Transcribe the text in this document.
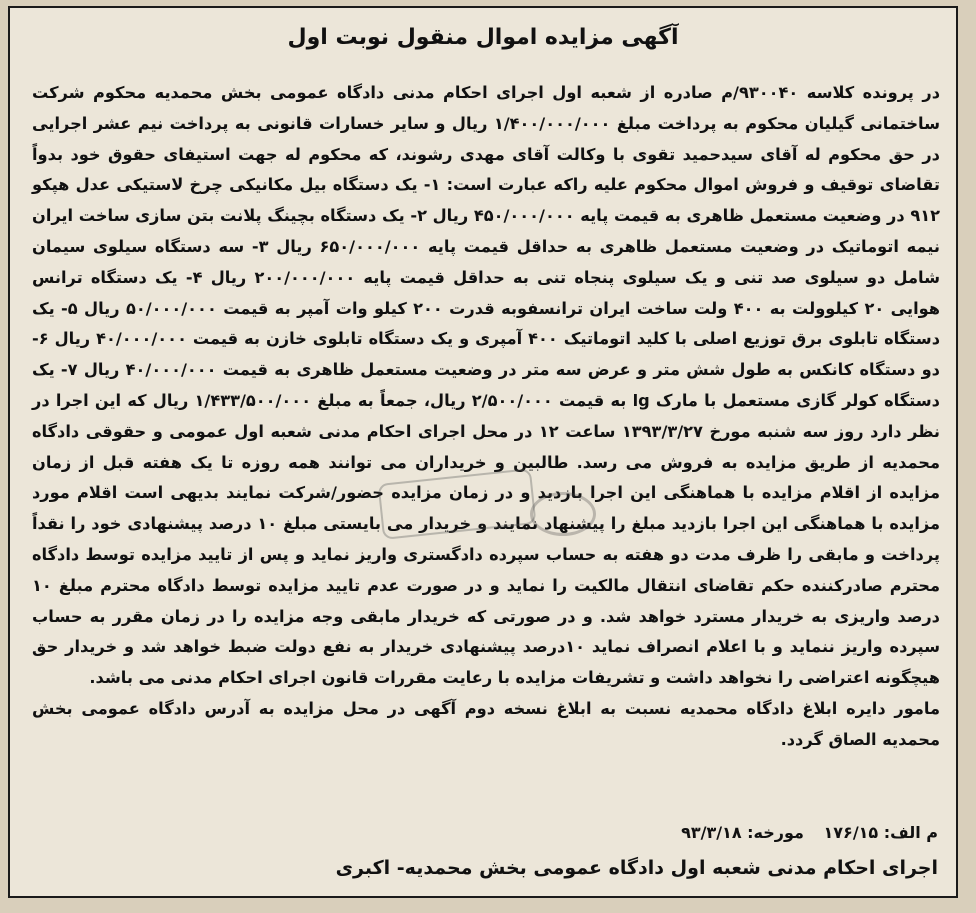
آگهی مزایده اموال منقول نوبت اول

در پرونده کلاسه ۹۳۰۰۴۰/م صادره از شعبه اول اجرای احکام مدنی دادگاه عمومی بخش محمدیه محکوم شرکت ساختمانی گیلیان محکوم به پرداخت مبلغ ۱/۴۰۰/۰۰۰/۰۰۰ ریال و سایر خسارات قانونی به پرداخت نیم عشر اجرایی در حق محکوم له آقای سیدحمید تقوی با وکالت آقای مهدی رشوند، که محکوم له جهت استیفای حقوق خود بدواً تقاضای توقیف و فروش اموال محکوم علیه راکه عبارت است: ۱- یک دستگاه بیل مکانیکی چرخ لاستیکی عدل هپکو ۹۱۲ در وضعیت مستعمل ظاهری به قیمت پایه ۴۵۰/۰۰۰/۰۰۰ ریال ۲- یک دستگاه بچینگ پلانت بتن سازی ساخت ایران نیمه اتوماتیک در وضعیت مستعمل ظاهری به حداقل قیمت پایه ۶۵۰/۰۰۰/۰۰۰ ریال ۳- سه دستگاه سیلوی سیمان شامل دو سیلوی صد تنی و یک سیلوی پنجاه تنی به حداقل قیمت پایه ۲۰۰/۰۰۰/۰۰۰ ریال ۴- یک دستگاه ترانس هوایی ۲۰ کیلوولت به ۴۰۰ ولت ساخت ایران ترانسفوبه قدرت ۲۰۰ کیلو وات آمپر به قیمت ۵۰/۰۰۰/۰۰۰ ریال ۵- یک دستگاه تابلوی برق توزیع اصلی با کلید اتوماتیک ۴۰۰ آمپری و یک دستگاه تابلوی خازن به قیمت ۴۰/۰۰۰/۰۰۰ ریال ۶- دو دستگاه کانکس به طول شش متر و عرض سه متر در وضعیت مستعمل ظاهری به قیمت ۴۰/۰۰۰/۰۰۰ ریال ۷- یک دستگاه کولر گازی مستعمل با مارک lg به قیمت ۲/۵۰۰/۰۰۰ ریال، جمعاً به مبلغ ۱/۴۳۳/۵۰۰/۰۰۰ ریال که این اجرا در نظر دارد روز سه شنبه مورخ ۱۳۹۳/۳/۲۷ ساعت ۱۲ در محل اجرای احکام مدنی شعبه اول عمومی و حقوقی دادگاه محمدیه از طریق مزایده به فروش می رسد. طالبین و خریداران می توانند همه روزه تا یک هفته قبل از زمان مزایده از اقلام مزایده با هماهنگی این اجرا بازدید و در زمان مزایده حضور/شرکت نمایند بدیهی است اقلام مورد مزایده با هماهنگی این اجرا بازدید مبلغ را پیشنهاد نمایند و خریدار می بایستی مبلغ ۱۰ درصد پیشنهادی خود را نقداً پرداخت و مابقی را ظرف مدت دو هفته به حساب سپرده دادگستری واریز نماید و پس از تایید مزایده توسط دادگاه محترم صادرکننده حکم تقاضای انتقال مالکیت را نماید و در صورت عدم تایید مزایده توسط دادگاه محترم مبلغ ۱۰ درصد واریزی به خریدار مسترد خواهد شد. و در صورتی که خریدار مابقی وجه مزایده را در زمان مقرر به حساب سپرده واریز ننماید و با اعلام انصراف نماید ۱۰درصد پیشنهادی خریدار به نفع دولت ضبط خواهد شد و خریدار حق هیچگونه اعتراضی را نخواهد داشت و تشریفات مزایده با رعایت مقررات قانون اجرای احکام مدنی می باشد.

مامور دایره ابلاغ دادگاه محمدیه نسبت به ابلاغ نسخه دوم آگهی در محل مزایده به آدرس دادگاه عمومی بخش محمدیه الصاق گردد.

م الف: ۱۷۶/۱۵ مورخه: ۹۳/۳/۱۸
اجرای احکام مدنی شعبه اول دادگاه عمومی بخش محمدیه- اکبری
